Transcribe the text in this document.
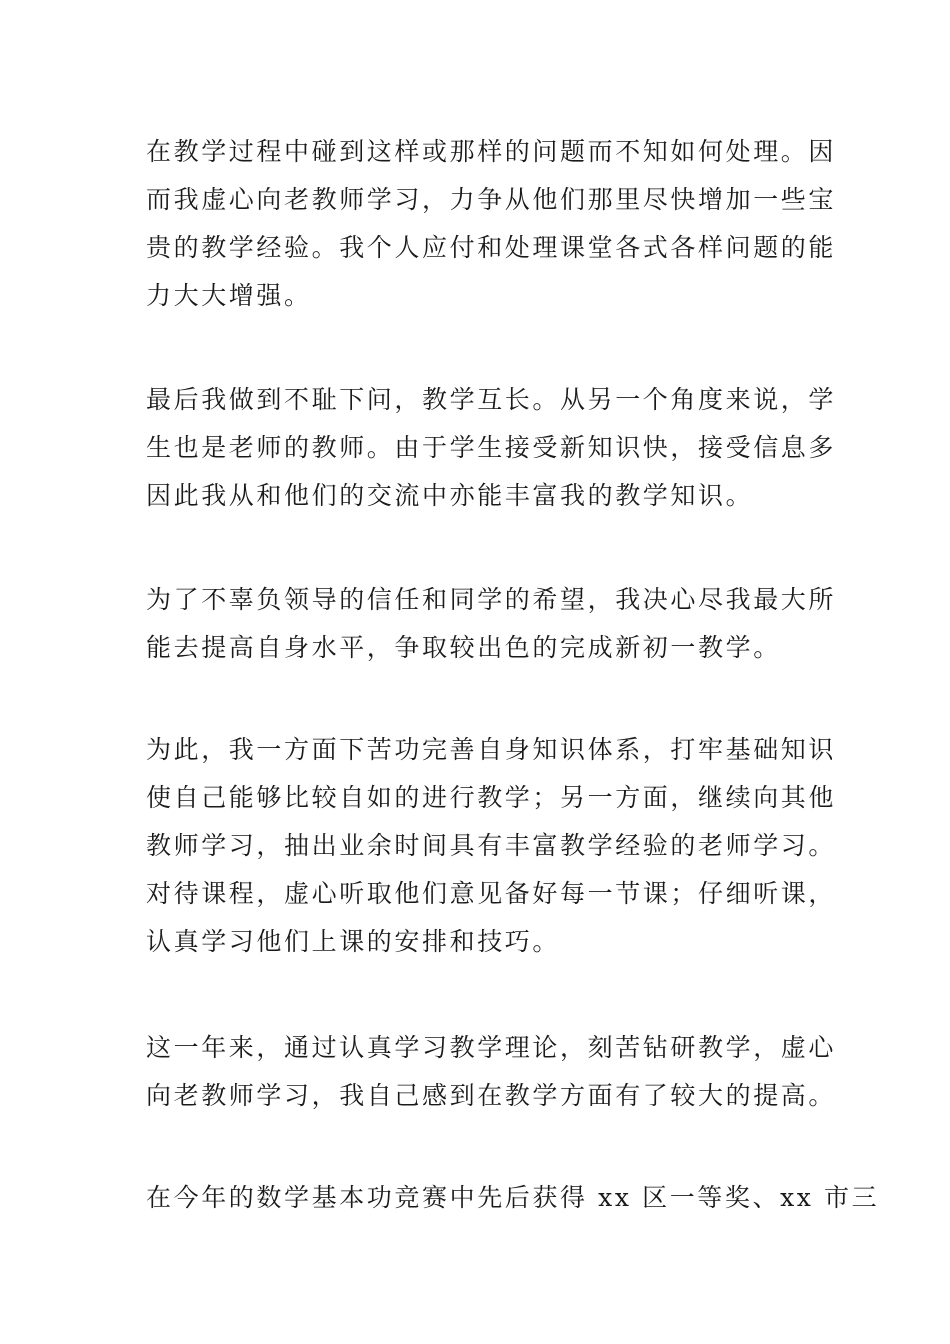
在教学过程中碰到这样或那样的问题而不知如何处理。因
而我虚心向老教师学习，力争从他们那里尽快增加一些宝
贵的教学经验。我个人应付和处理课堂各式各样问题的能
力大大增强。

最后我做到不耻下问，教学互长。从另一个角度来说，学
生也是老师的教师。由于学生接受新知识快，接受信息多
因此我从和他们的交流中亦能丰富我的教学知识。

为了不辜负领导的信任和同学的希望，我决心尽我最大所
能去提高自身水平，争取较出色的完成新初一教学。

为此，我一方面下苦功完善自身知识体系，打牢基础知识
使自己能够比较自如的进行教学；另一方面，继续向其他
教师学习，抽出业余时间具有丰富教学经验的老师学习。
对待课程，虚心听取他们意见备好每一节课；仔细听课，
认真学习他们上课的安排和技巧。

这一年来，通过认真学习教学理论，刻苦钻研教学，虚心
向老教师学习，我自己感到在教学方面有了较大的提高。

在今年的数学基本功竞赛中先后获得 xx 区一等奖、xx 市三
